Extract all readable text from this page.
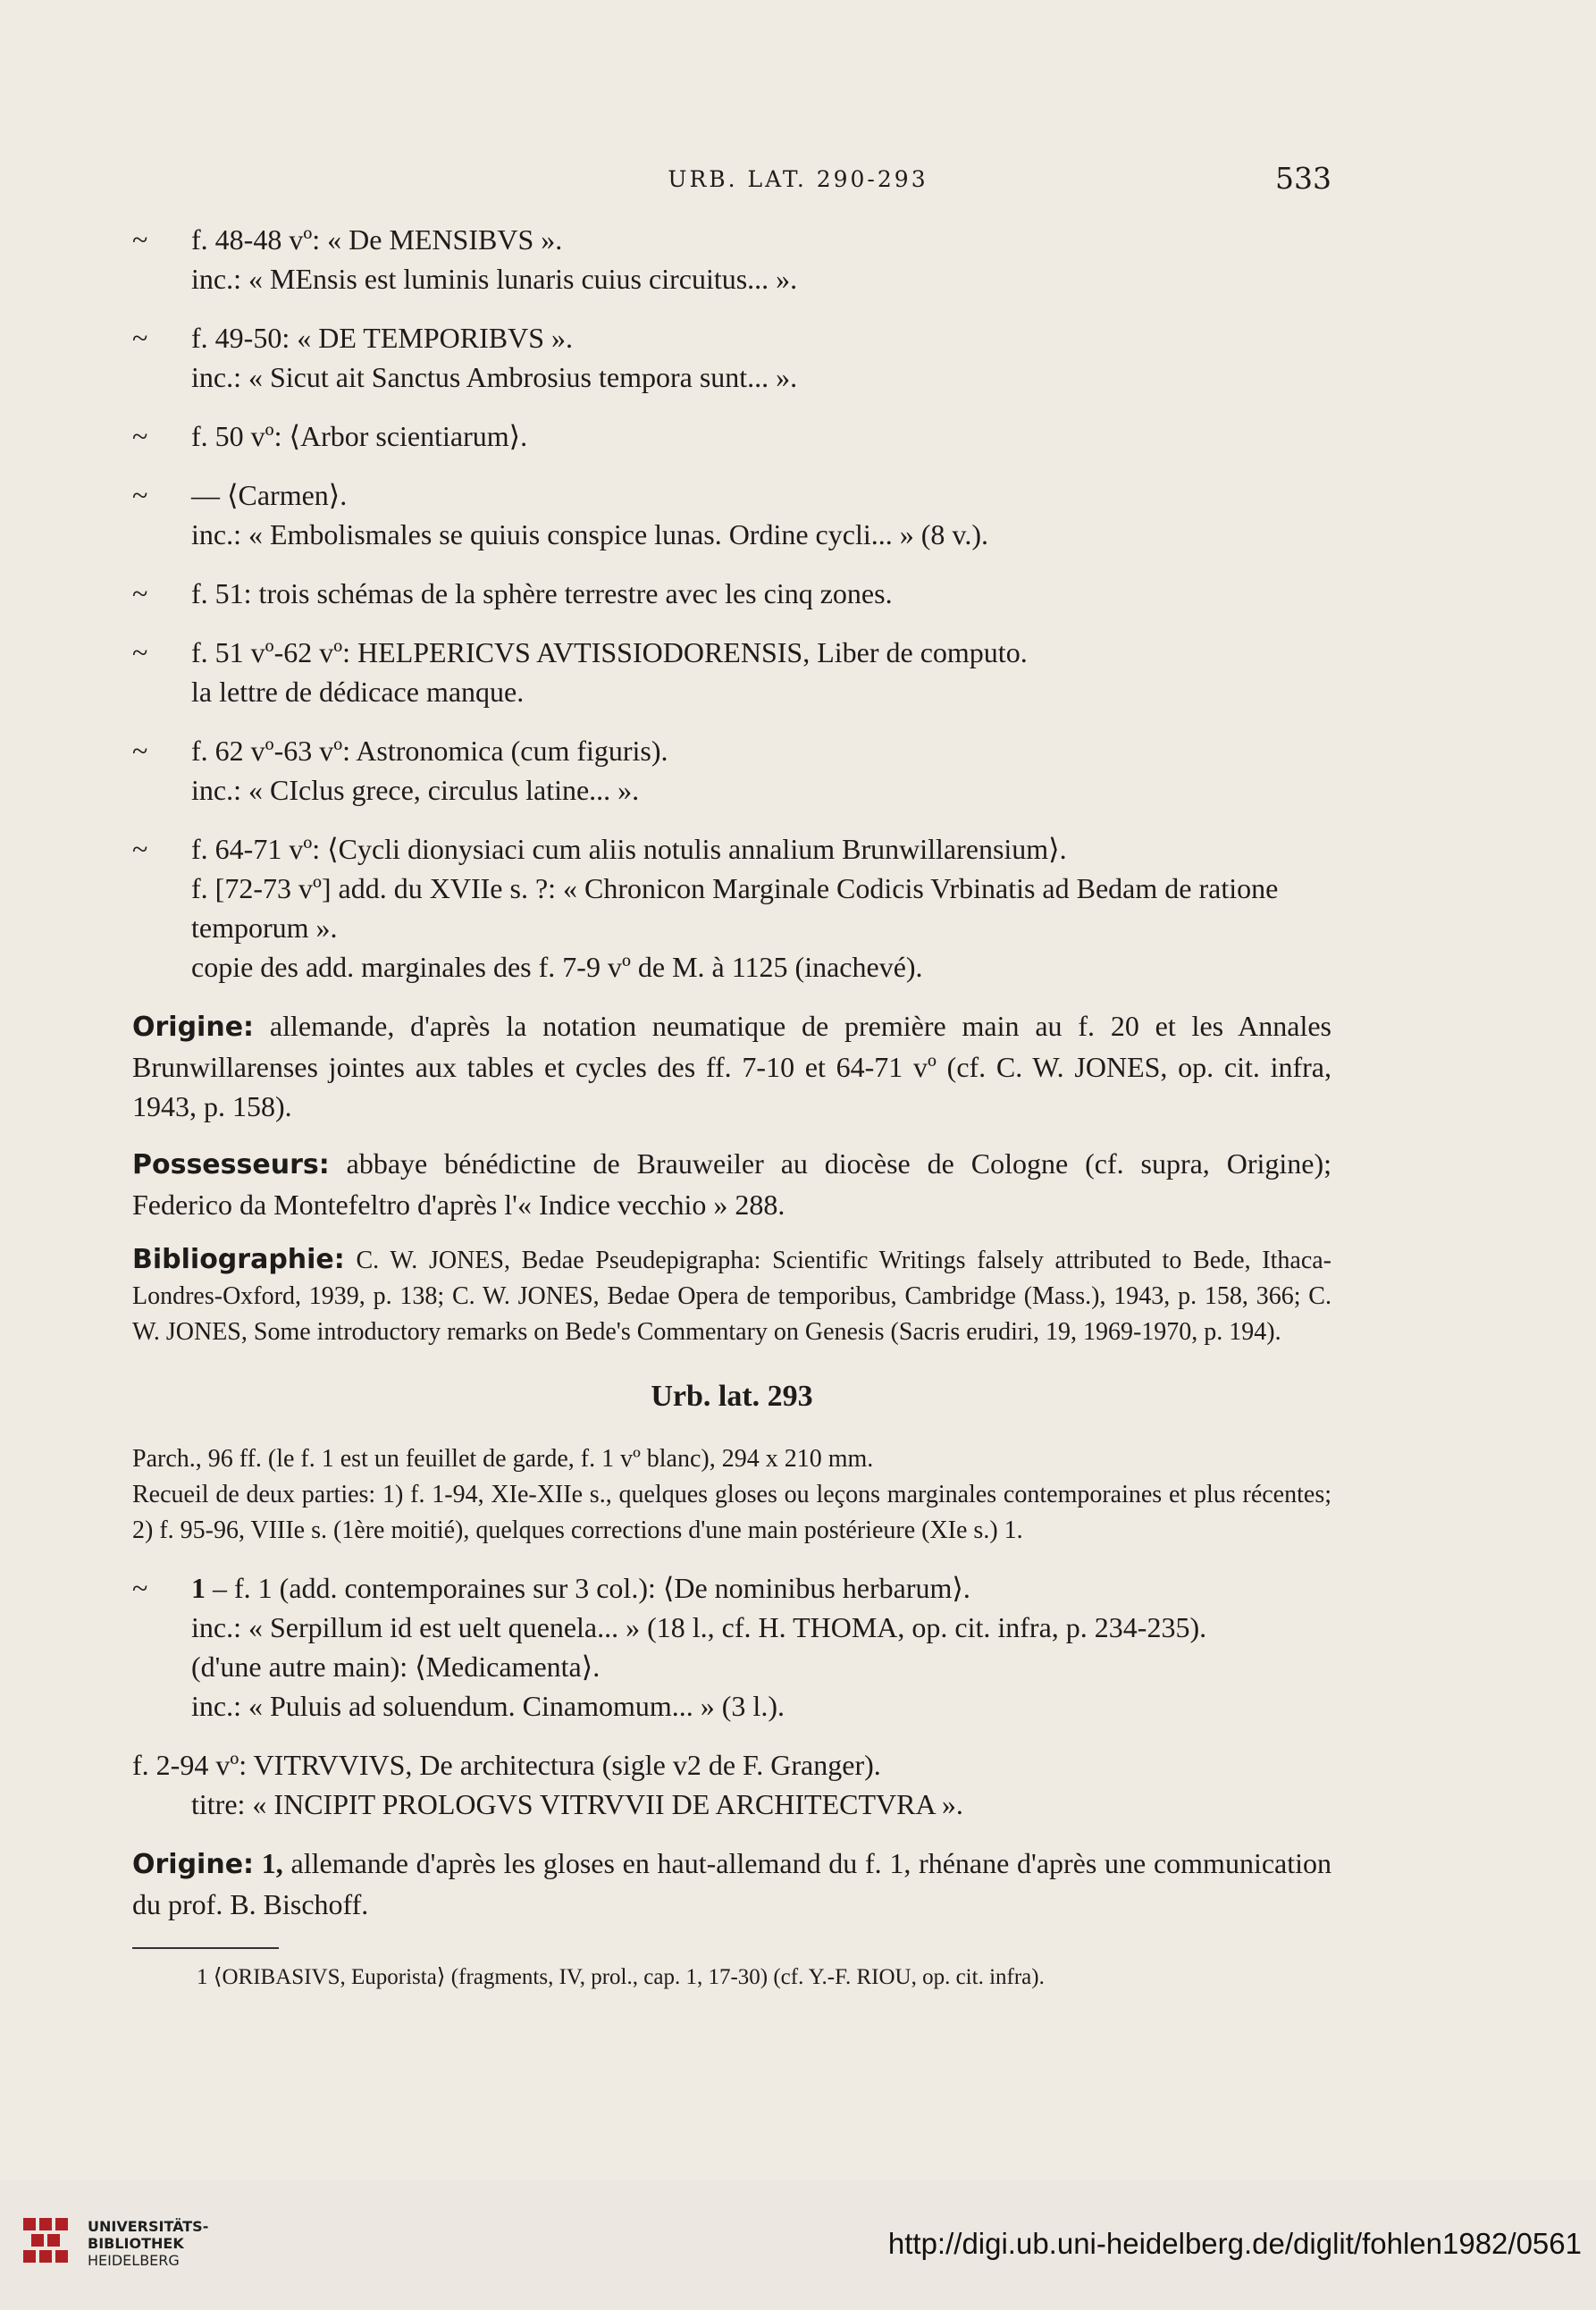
URB. LAT. 290-293	533
~ f. 48-48 vº: « De MENSIBVS ».
inc.: « MEnsis est luminis lunaris cuius circuitus... ».
~ f. 49-50: « DE TEMPORIBVS ».
inc.: « Sicut ait Sanctus Ambrosius tempora sunt... ».
~ f. 50 vº: ⟨Arbor scientiarum⟩.
~ — ⟨Carmen⟩.
inc.: « Embolismales se quiuis conspice lunas. Ordine cycli... » (8 v.).
~ f. 51: trois schémas de la sphère terrestre avec les cinq zones.
~ f. 51 vº-62 vº: HELPERICVS AVTISSIODORENSIS, Liber de computo.
la lettre de dédicace manque.
~ f. 62 vº-63 vº: Astronomica (cum figuris).
inc.: « CIclus grece, circulus latine... ».
~ f. 64-71 vº: ⟨Cycli dionysiaci cum aliis notulis annalium Brunwillarensium⟩.
f. [72-73 vº] add. du XVIIe s. ?: « Chronicon Marginale Codicis Vrbinatis ad Bedam de ratione temporum ».
copie des add. marginales des f. 7-9 vº de M. à 1125 (inachevé).
Origine: allemande, d'après la notation neumatique de première main au f. 20 et les Annales Brunwillarenses jointes aux tables et cycles des ff. 7-10 et 64-71 vº (cf. C. W. JONES, op. cit. infra, 1943, p. 158).
Possesseurs: abbaye bénédictine de Brauweiler au diocèse de Cologne (cf. supra, Origine); Federico da Montefeltro d'après l'« Indice vecchio » 288.
Bibliographie: C. W. JONES, Bedae Pseudepigrapha: Scientific Writings falsely attributed to Bede, Ithaca-Londres-Oxford, 1939, p. 138; C. W. JONES, Bedae Opera de temporibus, Cambridge (Mass.), 1943, p. 158, 366; C. W. JONES, Some introductory remarks on Bede's Commentary on Genesis (Sacris erudiri, 19, 1969-1970, p. 194).
Urb. lat. 293
Parch., 96 ff. (le f. 1 est un feuillet de garde, f. 1 vº blanc), 294 x 210 mm.
Recueil de deux parties: 1) f. 1-94, XIe-XIIe s., quelques gloses ou leçons marginales contemporaines et plus récentes; 2) f. 95-96, VIIIe s. (1ère moitié), quelques corrections d'une main postérieure (XIe s.) 1.
~ 1 – f. 1 (add. contemporaines sur 3 col.): ⟨De nominibus herbarum⟩.
inc.: « Serpillum id est uelt quenela... » (18 l., cf. H. THOMA, op. cit. infra, p. 234-235).
(d'une autre main): ⟨Medicamenta⟩.
inc.: « Puluis ad soluendum. Cinamomum... » (3 l.).
f. 2-94 vº: VITRVVIVS, De architectura (sigle v2 de F. Granger).
titre: « INCIPIT PROLOGVS VITRVVII DE ARCHITECTVRA ».
Origine: 1, allemande d'après les gloses en haut-allemand du f. 1, rhénane d'après une communication du prof. B. Bischoff.
1 ⟨ORIBASIVS, Euporista⟩ (fragments, IV, prol., cap. 1, 17-30) (cf. Y.-F. RIOU, op. cit. infra).
UNIVERSITÄTS-
BIBLIOTHEK
HEIDELBERG
http://digi.ub.uni-heidelberg.de/diglit/fohlen1982/0561
